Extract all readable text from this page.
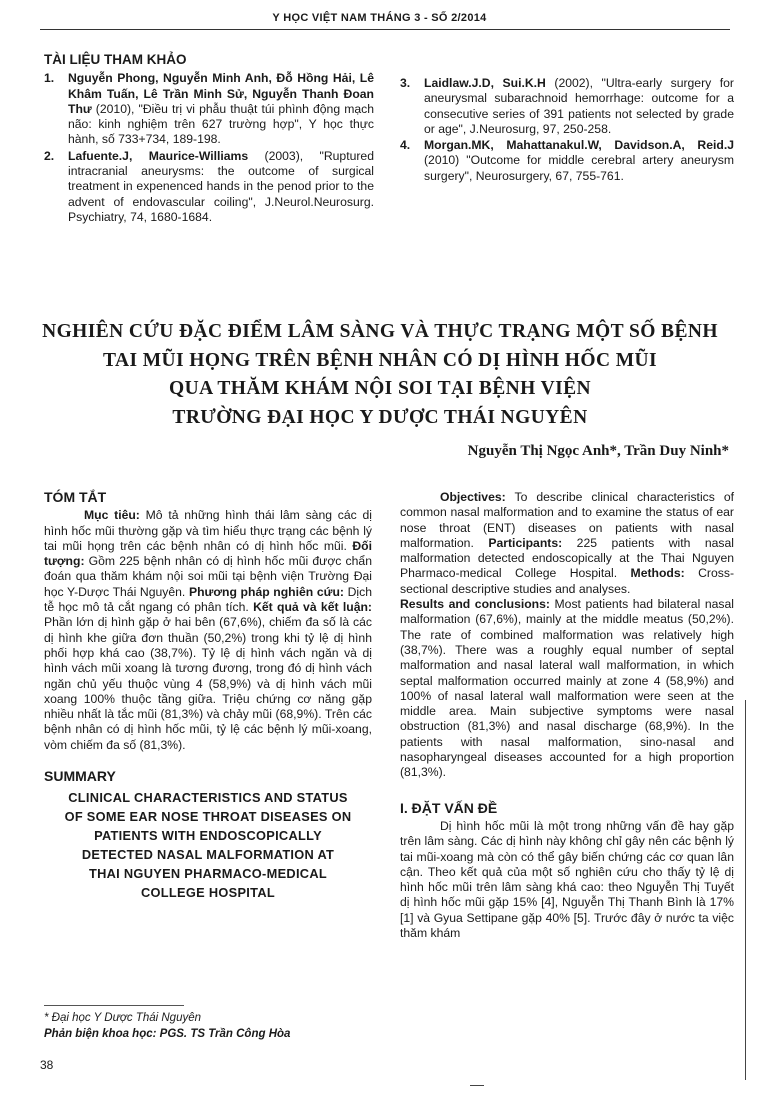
Y HỌC VIỆT NAM THÁNG 3 - SỐ 2/2014
TÀI LIỆU THAM KHẢO
1.	Nguyễn Phong, Nguyễn Minh Anh, Đỗ Hồng Hải, Lê Khâm Tuấn, Lê Trần Minh Sử, Nguyễn Thanh Đoan Thư (2010), "Điều trị vi phẫu thuật túi phình động mạch não: kinh nghiệm trên 627 trường hợp", Y học thực hành, số 733+734, 189-198.
2.	Lafuente.J, Maurice-Williams (2003), "Ruptured intracranial aneurysms: the outcome of surgical treatment in expenenced hands in the penod prior to the advent of endovascular coiling", J.Neurol.Neurosurg. Psychiatry, 74, 1680-1684.
3.	Laidlaw.J.D, Sui.K.H (2002), "Ultra-early surgery for aneurysmal subarachnoid hemorrhage: outcome for a consecutive series of 391 patients not selected by grade or age", J.Neurosurg, 97, 250-258.
4.	Morgan.MK, Mahattanakul.W, Davidson.A, Reid.J (2010) "Outcome for middle cerebral artery aneurysm surgery", Neurosurgery, 67, 755-761.
NGHIÊN CỨU ĐẶC ĐIỂM LÂM SÀNG VÀ THỰC TRẠNG MỘT SỐ BỆNH
TAI MŨI HỌNG TRÊN BỆNH NHÂN CÓ DỊ HÌNH HỐC MŨI
QUA THĂM KHÁM NỘI SOI TẠI BỆNH VIỆN
TRƯỜNG ĐẠI HỌC Y DƯỢC THÁI NGUYÊN
Nguyễn Thị Ngọc Anh*, Trần Duy Ninh*
TÓM TẮT

Mục tiêu: Mô tả những hình thái lâm sàng các dị hình hốc mũi thường gặp và tìm hiểu thực trạng các bệnh lý tai mũi họng trên các bệnh nhân có dị hình hốc mũi. Đối tượng: Gồm 225 bệnh nhân có dị hình hốc mũi được chẩn đoán qua thăm khám nội soi mũi tại bệnh viện Trường Đại học Y-Dược Thái Nguyên. Phương pháp nghiên cứu: Dịch tễ học mô tả cắt ngang có phân tích. Kết quả và kết luận: Phần lớn dị hình gặp ở hai bên (67,6%), chiếm đa số là các dị hình khe giữa đơn thuần (50,2%) trong khi tỷ lệ dị hình phối hợp khá cao (38,7%). Tỷ lệ dị hình vách ngăn và dị hình vách mũi xoang là tương đương, trong đó dị hình vách ngăn chủ yếu thuộc vùng 4 (58,9%) và dị hình vách mũi xoang 100% thuộc tầng giữa. Triệu chứng cơ năng gặp nhiều nhất là tắc mũi (81,3%) và chảy mũi (68,9%). Trên các bệnh nhân có dị hình hốc mũi, tỷ lệ các bệnh lý mũi-xoang, vòm chiếm đa số (81,3%).

SUMMARY
CLINICAL CHARACTERISTICS AND STATUS
OF SOME EAR NOSE THROAT DISEASES ON
PATIENTS WITH ENDOSCOPICALLY
DETECTED NASAL MALFORMATION AT
THAI NGUYEN PHARMACO-MEDICAL
COLLEGE HOSPITAL

Objectives: To describe clinical characteristics of common nasal malformation and to examine the status of ear nose throat (ENT) diseases on patients with nasal malformation. Participants: 225 patients with nasal malformation detected endoscopically at the Thai Nguyen Pharmaco-medical College Hospital. Methods: Cross-sectional descriptive studies and analyses.
Results and conclusions: Most patients had bilateral nasal malformation (67,6%), mainly at the middle meatus (50,2%). The rate of combined malformation was relatively high (38,7%). There was a roughly equal number of septal malformation and nasal lateral wall malformation, in which septal malformation occurred mainly at zone 4 (58,9%) and 100% of nasal lateral wall malformation were seen at the middle area. Main subjective symptoms were nasal obstruction (81,3%) and nasal discharge (68,9%). In the patients with nasal malformation, sino-nasal and nasopharyngeal diseases accounted for a high proportion (81,3%).

I. ĐẶT VẤN ĐỀ

Dị hình hốc mũi là một trong những vấn đề hay gặp trên lâm sàng. Các dị hình này không chỉ gây nên các bệnh lý tai mũi-xoang mà còn có thể gây biến chứng các cơ quan lân cận. Theo kết quả của một số nghiên cứu cho thấy tỷ lệ dị hình hốc mũi trên lâm sàng khá cao: theo Nguyễn Thị Tuyết dị hình hốc mũi gặp 15% [4], Nguyễn Thị Thanh Bình là 17% [1] và Gyua Settipane gặp 40% [5]. Trước đây ở nước ta việc thăm khám

* Đại học Y Dược Thái Nguyên
Phản biện khoa học: PGS. TS Trần Công Hòa
38
